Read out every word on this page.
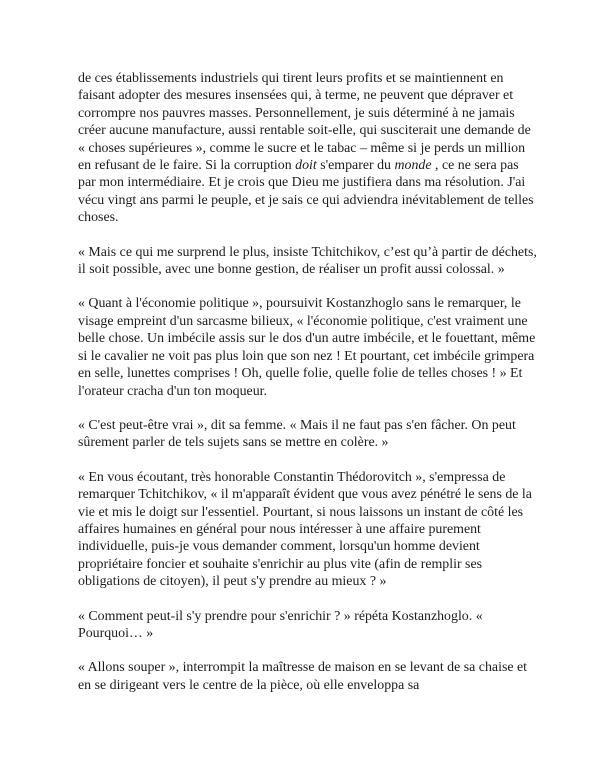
de ces établissements industriels qui tirent leurs profits et se maintiennent en faisant adopter des mesures insensées qui, à terme, ne peuvent que dépraver et corrompre nos pauvres masses. Personnellement, je suis déterminé à ne jamais créer aucune manufacture, aussi rentable soit-elle, qui susciterait une demande de « choses supérieures », comme le sucre et le tabac – même si je perds un million en refusant de le faire. Si la corruption doit s'emparer du monde , ce ne sera pas par mon intermédiaire. Et je crois que Dieu me justifiera dans ma résolution. J'ai vécu vingt ans parmi le peuple, et je sais ce qui adviendra inévitablement de telles choses.

« Mais ce qui me surprend le plus, insiste Tchitchikov, c’est qu’à partir de déchets, il soit possible, avec une bonne gestion, de réaliser un profit aussi colossal. »

« Quant à l'économie politique », poursuivit Kostanzhoglo sans le remarquer, le visage empreint d'un sarcasme bilieux, « l'économie politique, c'est vraiment une belle chose. Un imbécile assis sur le dos d'un autre imbécile, et le fouettant, même si le cavalier ne voit pas plus loin que son nez ! Et pourtant, cet imbécile grimpera en selle, lunettes comprises ! Oh, quelle folie, quelle folie de telles choses ! » Et l'orateur cracha d'un ton moqueur.

« C'est peut-être vrai », dit sa femme. « Mais il ne faut pas s'en fâcher. On peut sûrement parler de tels sujets sans se mettre en colère. »

« En vous écoutant, très honorable Constantin Thédorovitch », s'empressa de remarquer Tchitchikov, « il m'apparaît évident que vous avez pénétré le sens de la vie et mis le doigt sur l'essentiel. Pourtant, si nous laissons un instant de côté les affaires humaines en général pour nous intéresser à une affaire purement individuelle, puis-je vous demander comment, lorsqu'un homme devient propriétaire foncier et souhaite s'enrichir au plus vite (afin de remplir ses obligations de citoyen), il peut s'y prendre au mieux ? »

« Comment peut-il s'y prendre pour s'enrichir ? » répéta Kostanzhoglo. « Pourquoi… »

« Allons souper », interrompit la maîtresse de maison en se levant de sa chaise et en se dirigeant vers le centre de la pièce, où elle enveloppa sa
